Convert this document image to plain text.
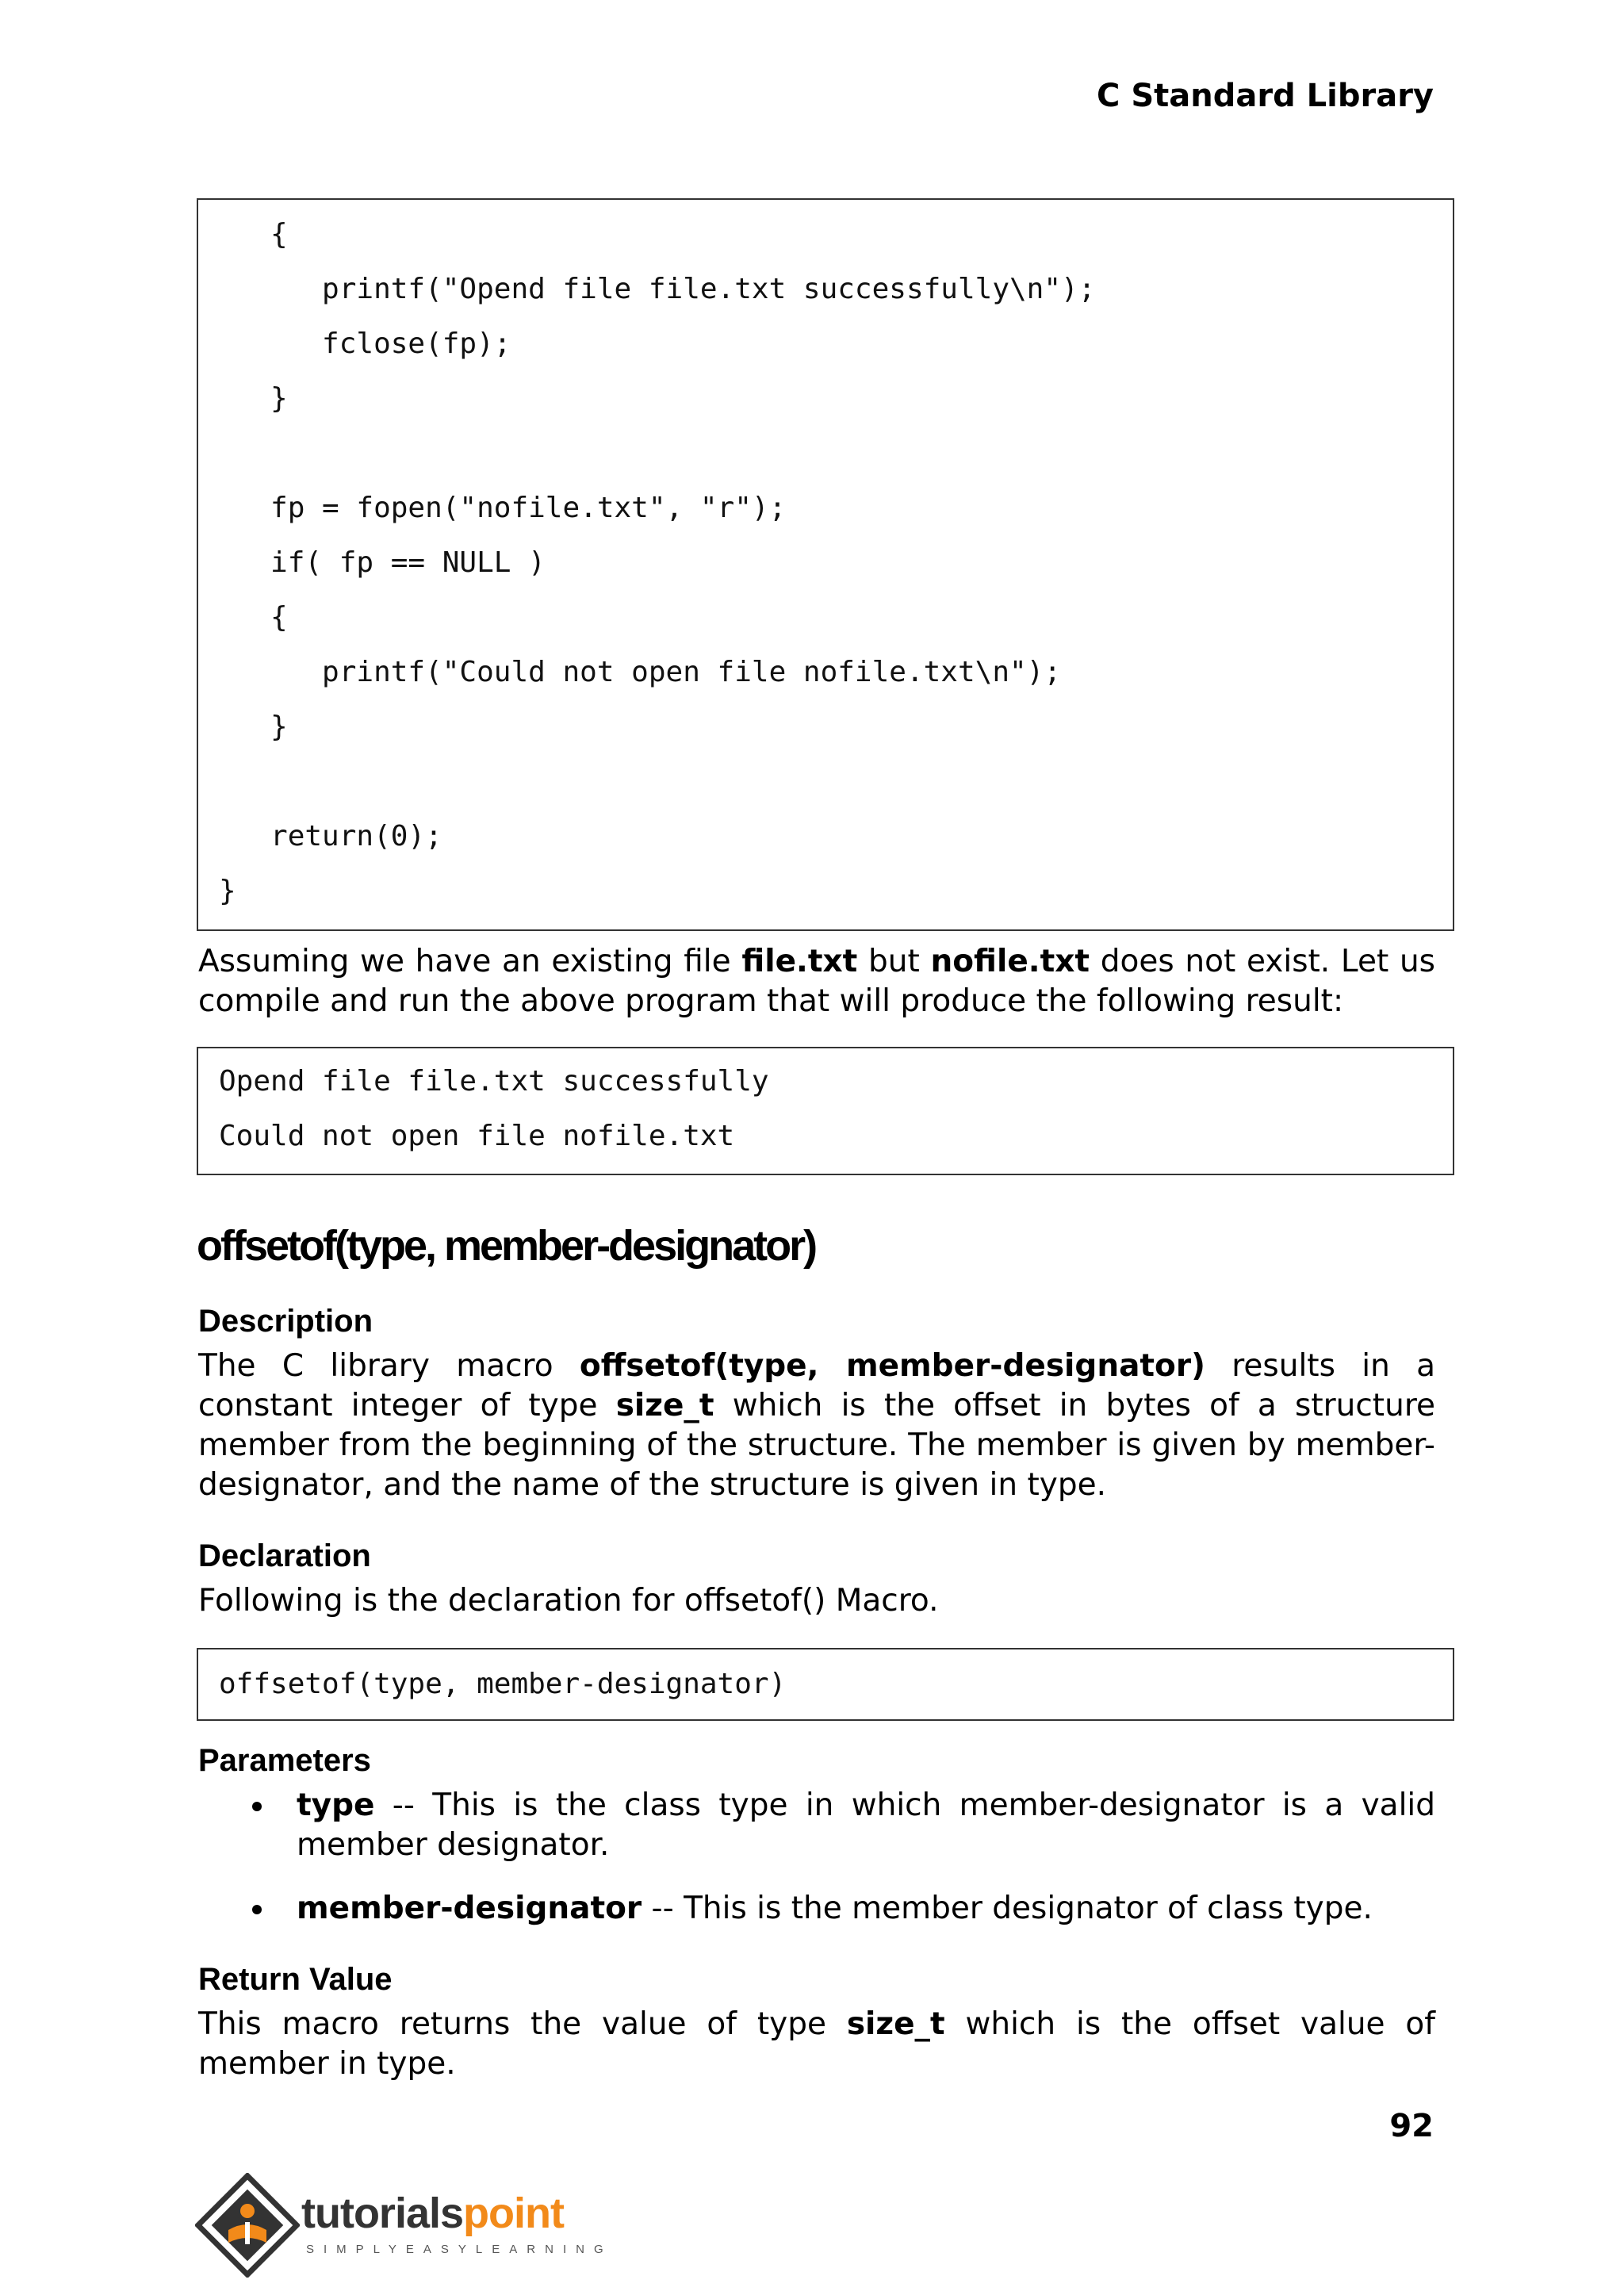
C Standard Library
{
printf("Opend file file.txt successfully\n");
fclose(fp);
}
fp = fopen("nofile.txt", "r");
if( fp == NULL )
{
printf("Could not open file nofile.txt\n");
}
return(0);
}
Assuming we have an existing file file.txt but nofile.txt does not exist. Let us compile and run the above program that will produce the following result:
Opend file file.txt successfully
Could not open file nofile.txt
offsetof(type, member-designator)
Description
The C library macro offsetof(type, member-designator) results in a constant integer of type size_t which is the offset in bytes of a structure member from the beginning of the structure. The member is given by member-designator, and the name of the structure is given in type.
Declaration
Following is the declaration for offsetof() Macro.
offsetof(type, member-designator)
Parameters
type -- This is the class type in which member-designator is a valid member designator.
member-designator -- This is the member designator of class type.
Return Value
This macro returns the value of type size_t which is the offset value of member in type.
92
tutorialspoint
SIMPLYEASYLEARNING
